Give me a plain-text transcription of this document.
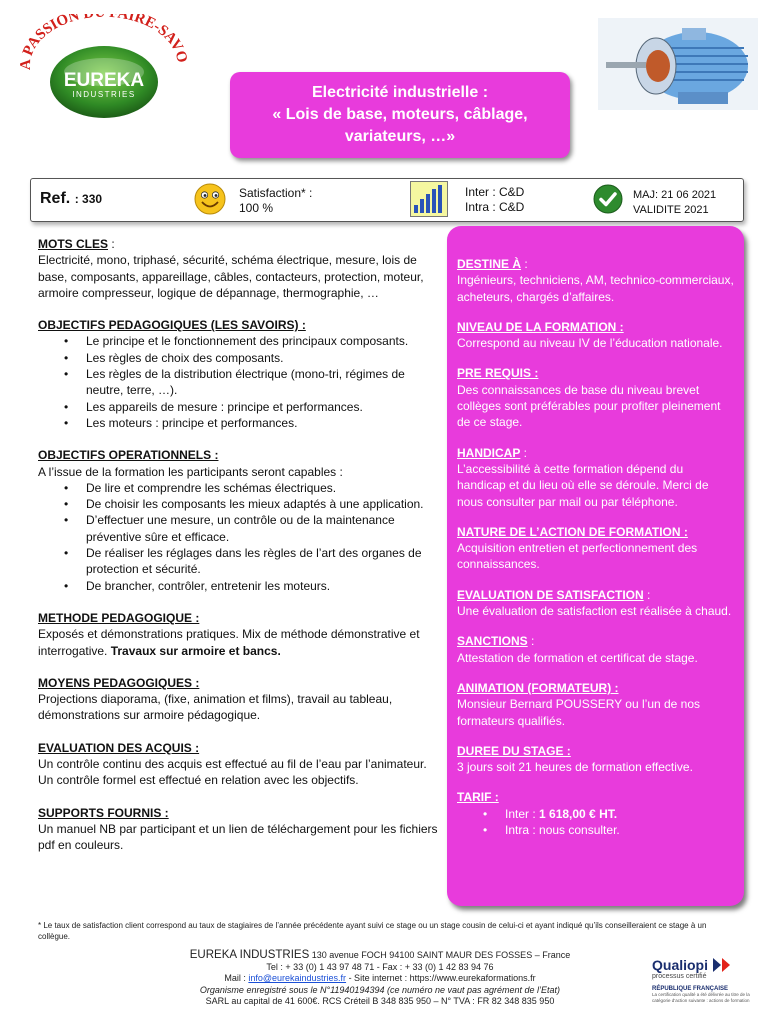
A PASSION AIRE-SAV
EUREKA
INDUSTRIES	Electricité industrielle :
« Lois de base, moteurs, câblage,
variateurs, …»
Ref. : 330	Satisfaction* :
100 %
Inter : C&D
Intra : C&D
MAJ: 21 06 2021
VALIDITE 2021
MOTS CLES :
Electricité, mono, triphasé, sécurité, schéma électrique, mesure, lois de base, composants, appareillage, câbles, contacteurs, protection, moteur, armoire compresseur, logique de dépannage, thermographie, …
OBJECTIFS PEDAGOGIQUES (LES SAVOIRS) :
• Le principe et le fonctionnement des principaux composants.
• Les règles de choix des composants.
• Les règles de la distribution électrique (mono-tri, régimes de neutre, terre, …).
• Les appareils de mesure : principe et performances.
• Les moteurs : principe et performances.
OBJECTIFS OPERATIONNELS :
A l’issue de la formation les participants seront capables :
• De lire et comprendre les schémas électriques.
• De choisir les composants les mieux adaptés à une application.
• D’effectuer une mesure, un contrôle ou de la maintenance préventive sûre et efficace.
• De réaliser les réglages dans les règles de l’art des organes de protection et sécurité.
• De brancher, contrôler, entretenir les moteurs.
METHODE PEDAGOGIQUE :
Exposés et démonstrations pratiques. Mix de méthode démonstrative et interrogative. Travaux sur armoire et bancs.
MOYENS PEDAGOGIQUES :
Projections diaporama, (fixe, animation et films), travail au tableau, démonstrations sur armoire pédagogique.
EVALUATION DES ACQUIS :
Un contrôle continu des acquis est effectué au fil de l’eau par l’animateur. Un contrôle formel est effectué en relation avec les objectifs.
SUPPORTS FOURNIS :
Un manuel NB par participant et un lien de téléchargement pour les fichiers pdf en couleurs.
DESTINE À :
Ingénieurs, techniciens, AM, technico-commerciaux, acheteurs, chargés d’affaires.
NIVEAU DE LA FORMATION :
Correspond au niveau IV de l’éducation nationale.
PRE REQUIS :
Des connaissances de base du niveau brevet collèges sont préférables pour profiter pleinement de ce stage.
HANDICAP :
L’accessibilité à cette formation dépend du handicap et du lieu où elle se déroule. Merci de nous consulter par mail ou par téléphone.
NATURE DE L’ACTION DE FORMATION :
Acquisition entretien et perfectionnement des connaissances.
EVALUATION DE SATISFACTION :
Une évaluation de satisfaction est réalisée à chaud.
SANCTIONS :
Attestation de formation et certificat de stage.
ANIMATION (FORMATEUR) :
Monsieur Bernard POUSSERY ou l’un de nos formateurs qualifiés.
DUREE DU STAGE :
3 jours soit 21 heures de formation effective.
TARIF :
• Inter : 1 618,00 € HT.
• Intra : nous consulter.
* Le taux de satisfaction client correspond au taux de stagiaires de l’année précédente ayant suivi ce stage ou un stage cousin de celui-ci et ayant indiqué qu’ils conseilleraient ce stage à un collègue.
EUREKA INDUSTRIES 130 avenue FOCH 94100 SAINT MAUR DES FOSSES – France
Tel : + 33 (0) 1 43 97 48 71 - Fax : + 33 (0) 1 42 83 94 76
Mail : info@eurekaindustries.fr - Site internet : https://www.eurekaformations.fr
Organisme enregistré sous le N°11940194394 (ce numéro ne vaut pas agrément de l’Etat)
SARL au capital de 41 600€. RCS Créteil B 348 835 950 – N° TVA : FR 82 348 835 950
Qualiopi
processus certifié
RÉPUBLIQUE FRANÇAISE
La certification qualité a été délivrée au titre de la catégorie d’action suivante : actions de formation
